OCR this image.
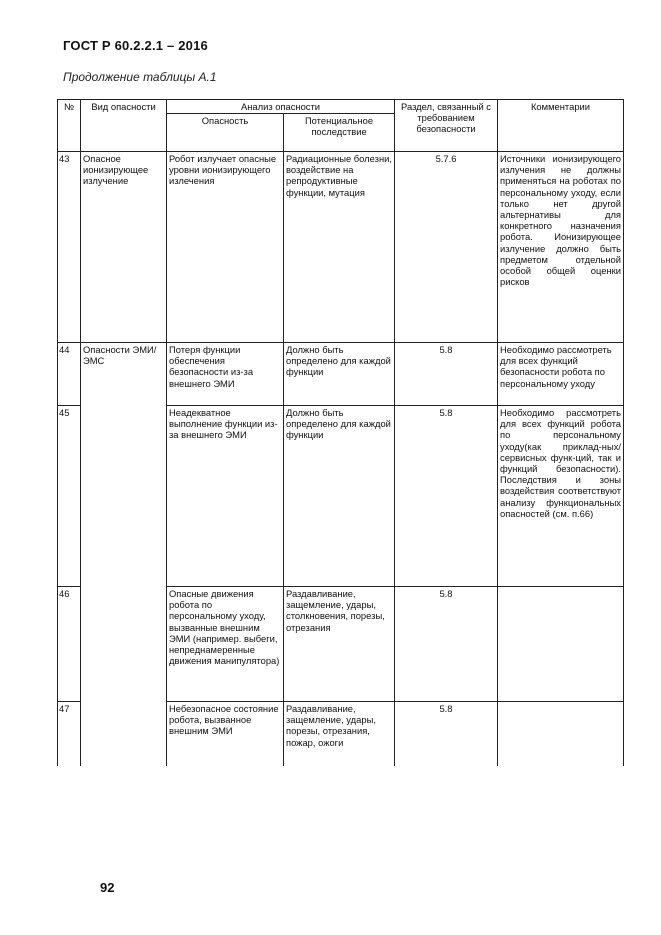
ГОСТ Р 60.2.2.1 – 2016
Продолжение таблицы А.1
№	Вид опасности	Анализ опасности		Раздел, связанный с требованием безопасности	Комментарии
		Опасность	Потенциальное последствие		
43	Опасное ионизирующее излучение	Робот излучает опасные уровни ионизирующего излечения	Радиационные болезни, воздействие на репродуктивные функции, мутация	5.7.6	Источники ионизирующего излучения не должны применяться на роботах по персональному уходу, если только нет другой альтернативы для конкретного назначения робота. Ионизирующее излучение должно быть предметом отдельной особой общей оценки рисков
44	Опасности ЭМИ/ЭМС	Потеря функции обеспечения безопасности из-за внешнего ЭМИ	Должно быть определено для каждой функции	5.8	Необходимо рассмотреть для всех функций безопасности робота по персональному уходу
45		Неадекватное выполнение функции из-за внешнего ЭМИ	Должно быть определено для каждой функции	5.8	Необходимо рассмотреть для всех функций робота по персональному уходу(как приклад-ных/сервисных функ-ций, так и функций безопасности). Последствия и зоны воздействия соответствуют анализу функциональных опасностей (см. п.66)
46		Опасные движения робота по персональному уходу, вызванные внешним ЭМИ (например. выбеги, непреднамеренные движения манипулятора)	Раздавливание, защемление, удары, столкновения, порезы, отрезания	5.8	
47		Небезопасное состояние робота, вызванное внешним ЭМИ	Раздавливание, защемление, удары, порезы, отрезания, пожар, ожоги	5.8	
92
